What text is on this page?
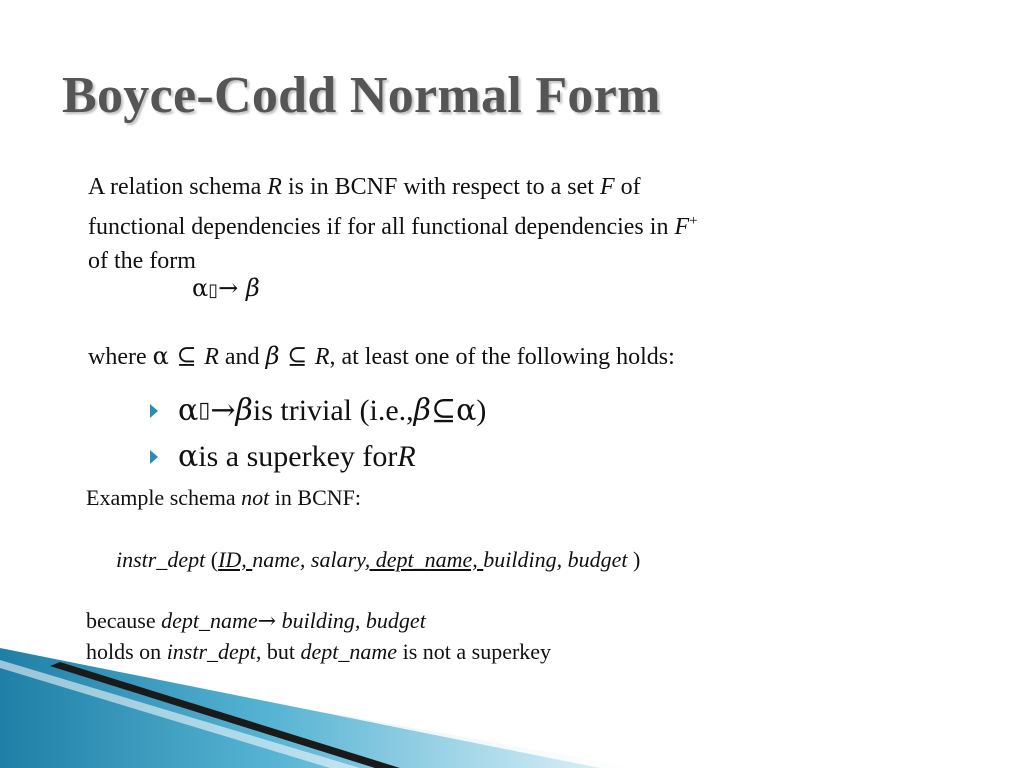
Boyce-Codd Normal Form
A relation schema R is in BCNF with respect to a set F of
functional dependencies if for all functional dependencies in F+
of the form
α▯→ β
where α ⊆ R and β ⊆ R, at least one of the following holds:
α ▯ → β is trivial (i.e., β ⊆ α )
α is a superkey for R
Example schema not in BCNF:
instr_dept (ID, name, salary, dept_name, building, budget )
because dept_name→ building, budget
holds on instr_dept, but dept_name is not a superkey
